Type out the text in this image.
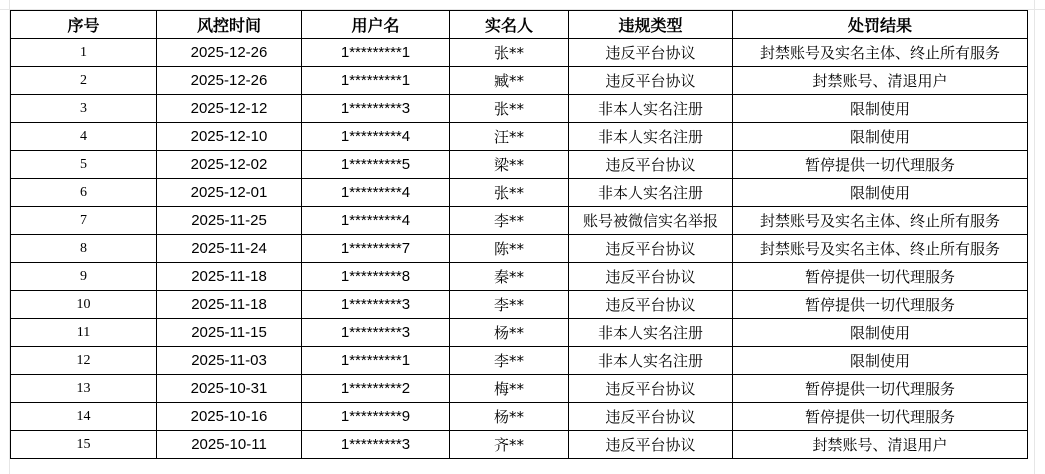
序号	风控时间	用户名	实名人	违规类型	处罚结果
1	2025-12-26	1*********1	张**	违反平台协议	封禁账号及实名主体、终止所有服务
2	2025-12-26	1*********1	臧**	违反平台协议	封禁账号、清退用户
3	2025-12-12	1*********3	张**	非本人实名注册	限制使用
4	2025-12-10	1*********4	汪**	非本人实名注册	限制使用
5	2025-12-02	1*********5	梁**	违反平台协议	暂停提供一切代理服务
6	2025-12-01	1*********4	张**	非本人实名注册	限制使用
7	2025-11-25	1*********4	李**	账号被微信实名举报	封禁账号及实名主体、终止所有服务
8	2025-11-24	1*********7	陈**	违反平台协议	封禁账号及实名主体、终止所有服务
9	2025-11-18	1*********8	秦**	违反平台协议	暂停提供一切代理服务
10	2025-11-18	1*********3	李**	违反平台协议	暂停提供一切代理服务
11	2025-11-15	1*********3	杨**	非本人实名注册	限制使用
12	2025-11-03	1*********1	李**	非本人实名注册	限制使用
13	2025-10-31	1*********2	梅**	违反平台协议	暂停提供一切代理服务
14	2025-10-16	1*********9	杨**	违反平台协议	暂停提供一切代理服务
15	2025-10-11	1*********3	齐**	违反平台协议	封禁账号、清退用户
